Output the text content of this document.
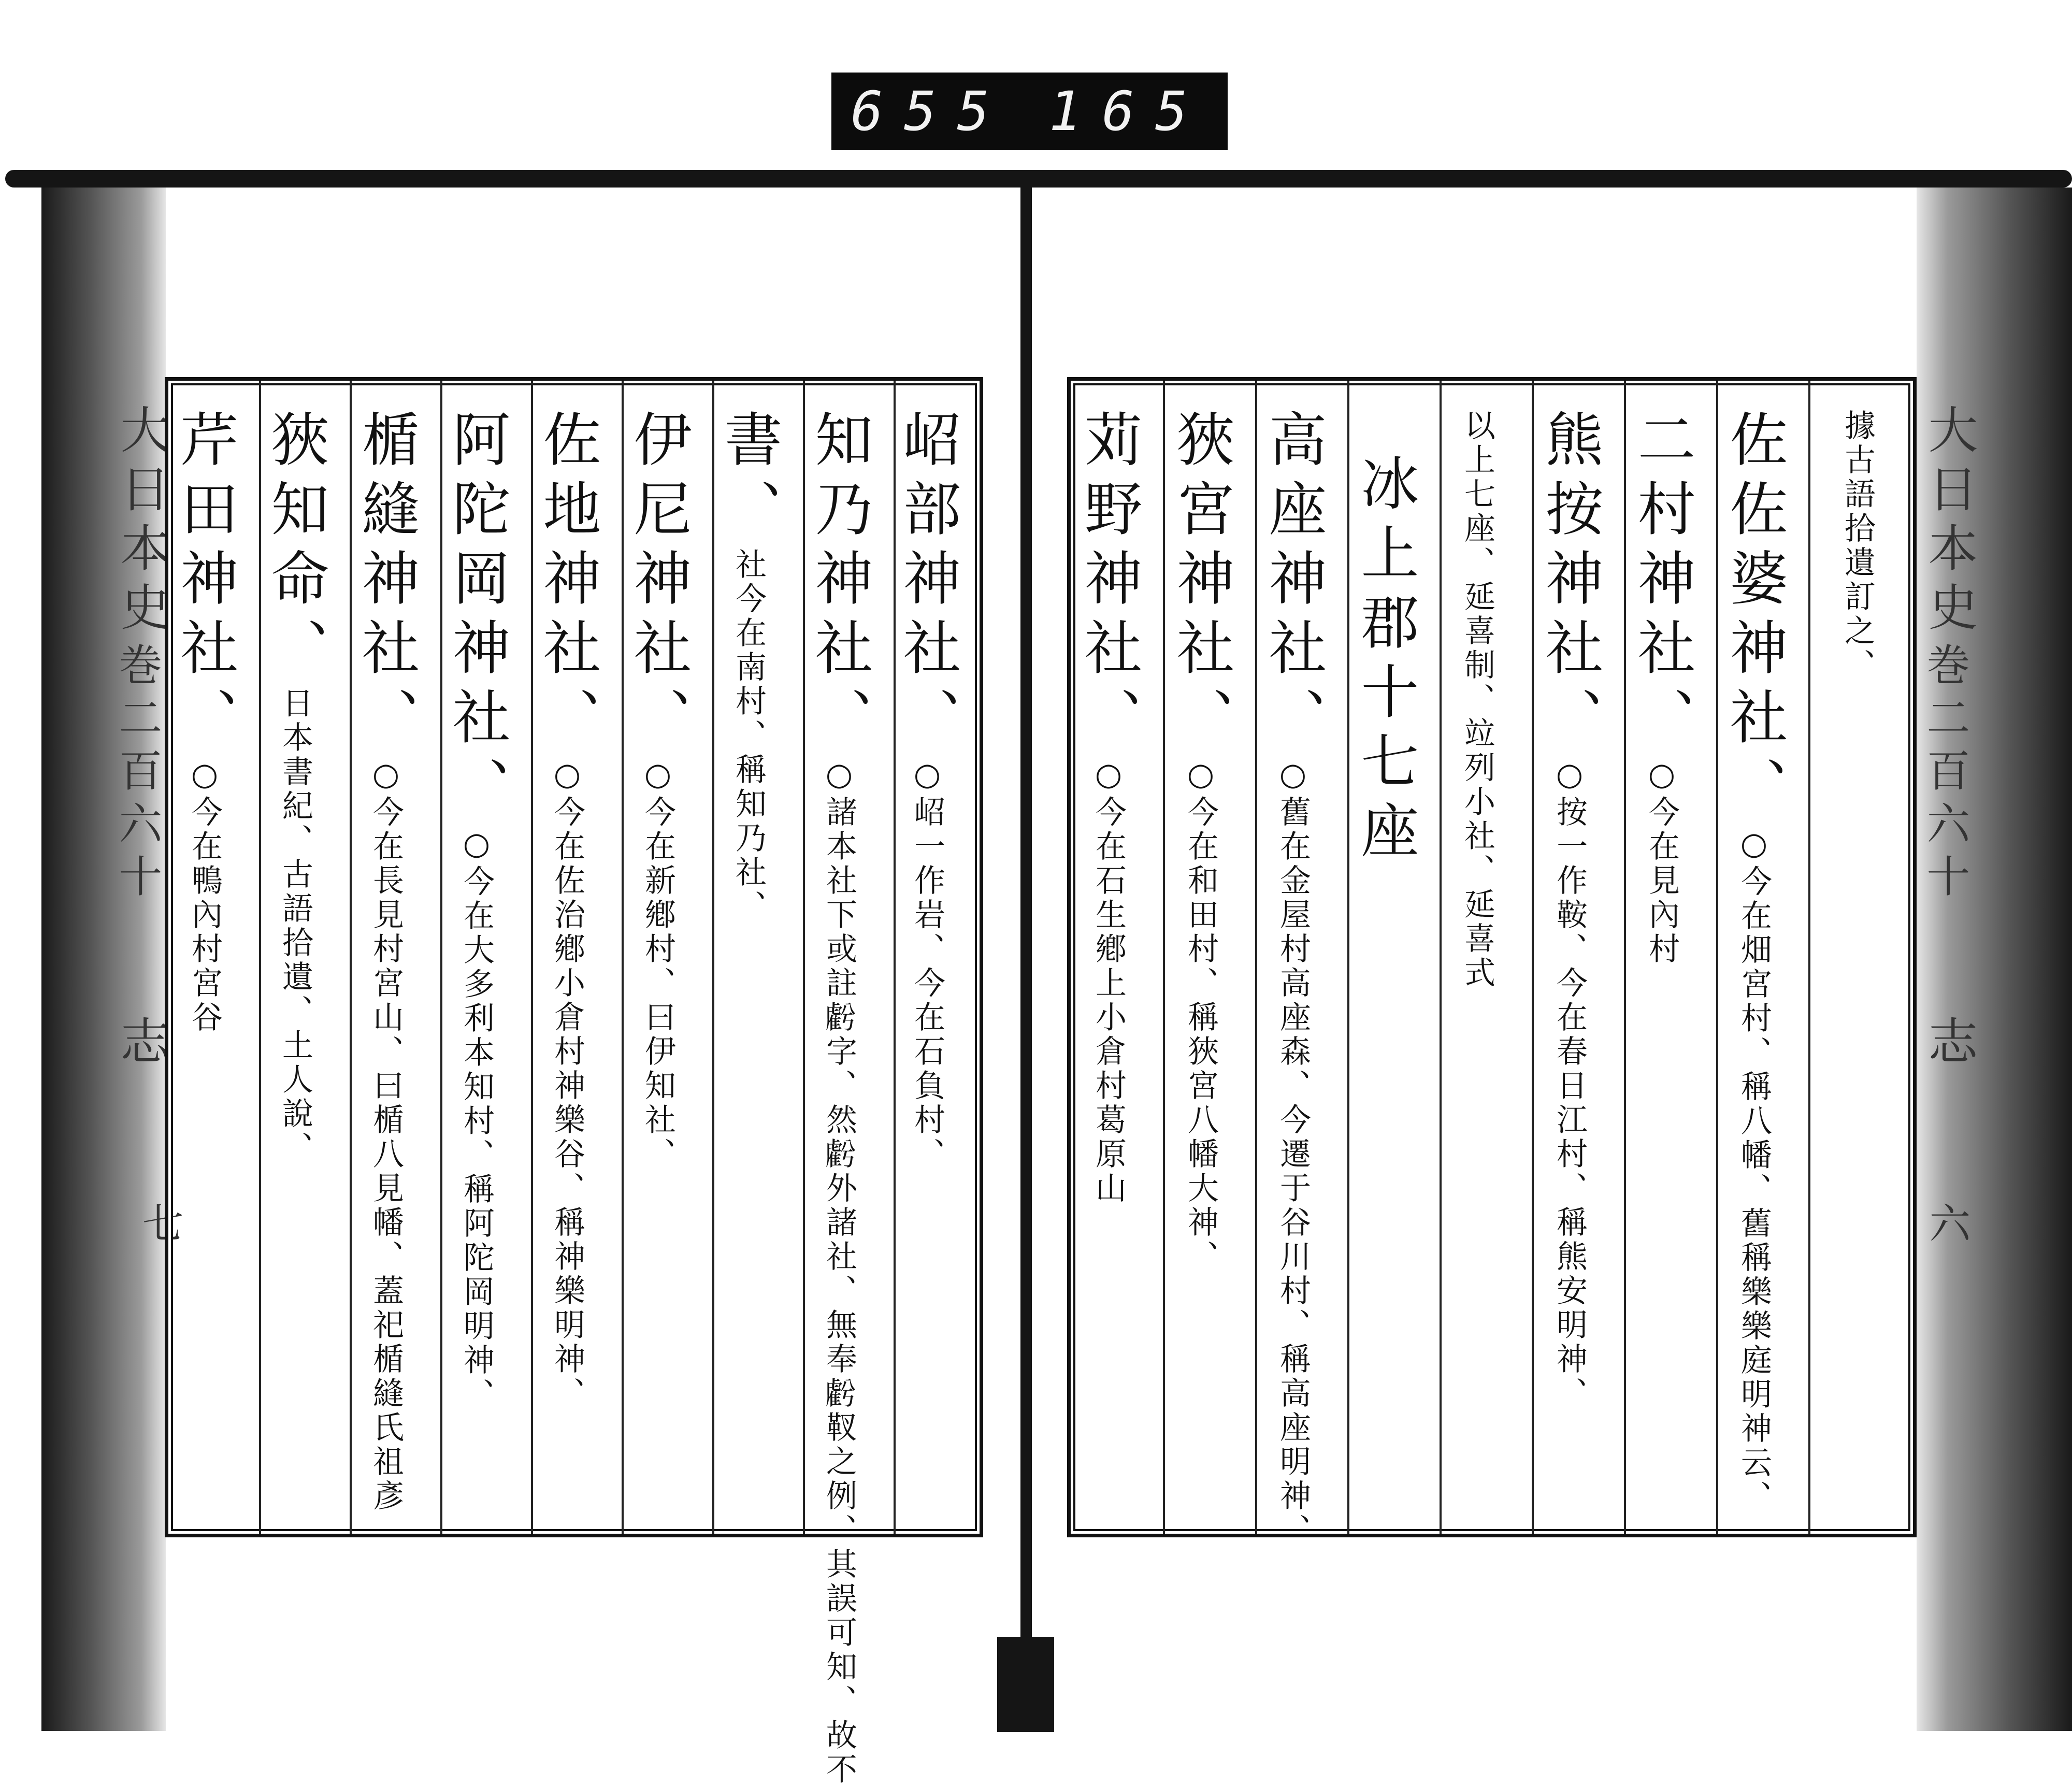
655 165
大日本史
巻二百六十
志
七
大日本史
巻二百六十
志
六
芹田神社、○今在鴨內村宮谷
狹知命、日本書紀、古語拾遺、土人說、
楯縫神社、○今在長見村宮山、曰楯八見幡、蓋祀楯縫氏祖彥
阿陀岡神社、○今在大多利本知村、稱阿陀岡明神、
佐地神社、○今在佐治鄕小倉村神樂谷、稱神樂明神、
伊尼神社、○今在新鄕村、曰伊知社、
書、社今在南村、稱知乃社、 知乃神社、○諸本社下或註𧇾字、然𧇾外諸社、無奉𧇾靫之例、其誤可知、故不
岹部神社、○岹一作岩、今在石負村、
苅野神社、○今在石生鄕上小倉村葛原山
狹宮神社、○今在和田村、稱狹宮八幡大神、
高座神社、○舊在金屋村高座森、今遷于谷川村、稱高座明神、
冰上郡十七座	以上七座、延喜制、竝列小社、延喜式 熊按神社、○按一作鞍、今在春日江村、稱熊安明神、
二村神社、○今在見內村
佐佐婆神社、○今在畑宮村、稱八幡、舊稱樂樂庭明神云、
據古語拾遺訂之、
